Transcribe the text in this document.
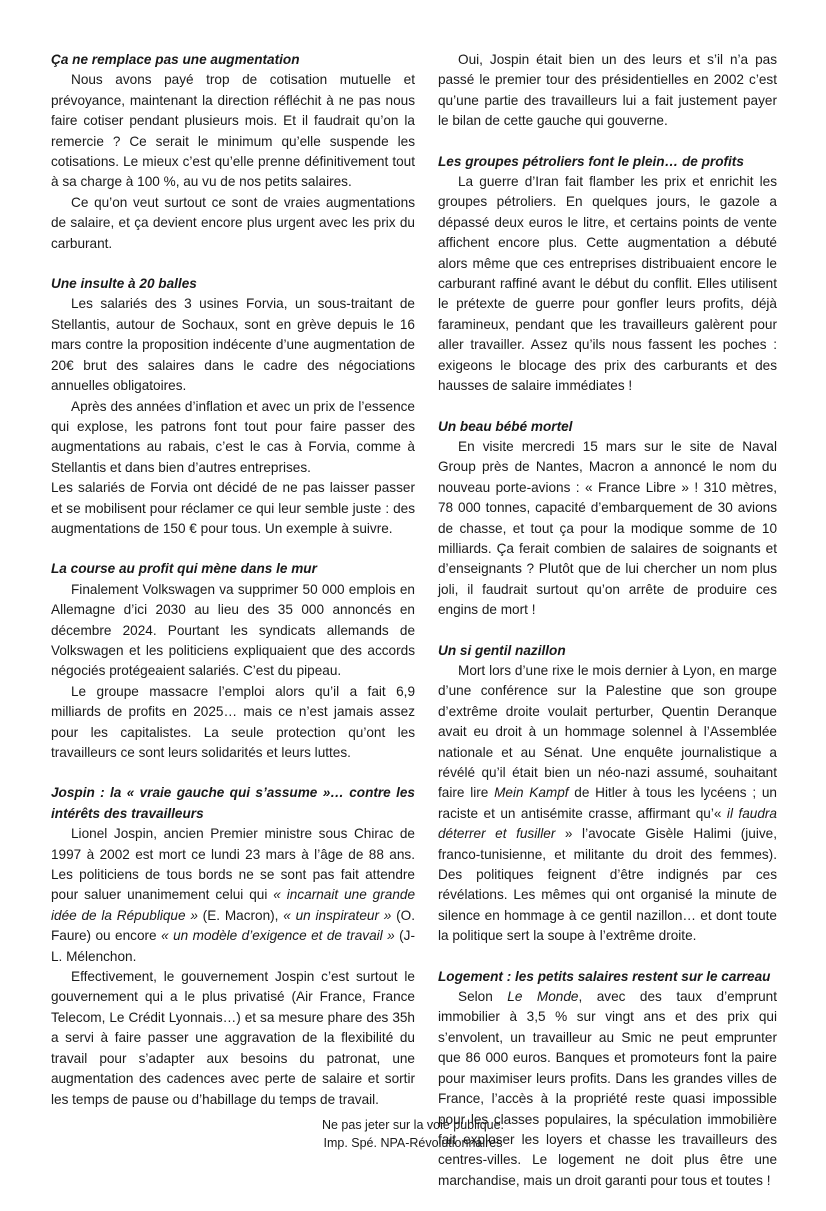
Ça ne remplace pas une augmentation

Nous avons payé trop de cotisation mutuelle et prévoyance, maintenant la direction réfléchit à ne pas nous faire cotiser pendant plusieurs mois. Et il faudrait qu’on la remercie ? Ce serait le minimum qu’elle suspende les cotisations. Le mieux c’est qu’elle prenne définitivement tout à sa charge à 100 %, au vu de nos petits salaires.

Ce qu’on veut surtout ce sont de vraies augmentations de salaire, et ça devient encore plus urgent avec les prix du carburant.

Une insulte à 20 balles

Les salariés des 3 usines Forvia, un sous-traitant de Stellantis, autour de Sochaux, sont en grève depuis le 16 mars contre la proposition indécente d’une augmentation de 20€ brut des salaires dans le cadre des négociations annuelles obligatoires.

Après des années d’inflation et avec un prix de l’essence qui explose, les patrons font tout pour faire passer des augmentations au rabais, c’est le cas à Forvia, comme à Stellantis et dans bien d’autres entreprises.

Les salariés de Forvia ont décidé de ne pas laisser passer et se mobilisent pour réclamer ce qui leur semble juste : des augmentations de 150 € pour tous. Un exemple à suivre.

La course au profit qui mène dans le mur

Finalement Volkswagen va supprimer 50 000 emplois en Allemagne d’ici 2030 au lieu des 35 000 annoncés en décembre 2024. Pourtant les syndicats allemands de Volkswagen et les politiciens expliquaient que des accords négociés protégeaient salariés. C’est du pipeau.

Le groupe massacre l’emploi alors qu’il a fait 6,9 milliards de profits en 2025… mais ce n’est jamais assez pour les capitalistes. La seule protection qu’ont les travailleurs ce sont leurs solidarités et leurs luttes.

Jospin : la « vraie gauche qui s’assume »… contre les intérêts des travailleurs

Lionel Jospin, ancien Premier ministre sous Chirac de 1997 à 2002 est mort ce lundi 23 mars à l’âge de 88 ans. Les politiciens de tous bords ne se sont pas fait attendre pour saluer unanimement celui qui « incarnait une grande idée de la République » (E. Macron), « un inspirateur » (O. Faure) ou encore « un modèle d’exigence et de travail » (J-L. Mélenchon.

Effectivement, le gouvernement Jospin c’est surtout le gouvernement qui a le plus privatisé (Air France, France Telecom, Le Crédit Lyonnais…) et sa mesure phare des 35h a servi à faire passer une aggravation de la flexibilité du travail pour s’adapter aux besoins du patronat, une augmentation des cadences avec perte de salaire et sortir les temps de pause ou d’habillage du temps de travail.

Oui, Jospin était bien un des leurs et s’il n’a pas passé le premier tour des présidentielles en 2002 c’est qu’une partie des travailleurs lui a fait justement payer le bilan de cette gauche qui gouverne.

Les groupes pétroliers font le plein… de profits

La guerre d’Iran fait flamber les prix et enrichit les groupes pétroliers. En quelques jours, le gazole a dépassé deux euros le litre, et certains points de vente affichent encore plus. Cette augmentation a débuté alors même que ces entreprises distribuaient encore le carburant raffiné avant le début du conflit. Elles utilisent le prétexte de guerre pour gonfler leurs profits, déjà faramineux, pendant que les travailleurs galèrent pour aller travailler. Assez qu’ils nous fassent les poches : exigeons le blocage des prix des carburants et des hausses de salaire immédiates !

Un beau bébé mortel

En visite mercredi 15 mars sur le site de Naval Group près de Nantes, Macron a annoncé le nom du nouveau porte-avions : « France Libre » ! 310 mètres, 78 000 tonnes, capacité d’embarquement de 30 avions de chasse, et tout ça pour la modique somme de 10 milliards. Ça ferait combien de salaires de soignants et d’enseignants ? Plutôt que de lui chercher un nom plus joli, il faudrait surtout qu’on arrête de produire ces engins de mort !

Un si gentil nazillon

Mort lors d’une rixe le mois dernier à Lyon, en marge d’une conférence sur la Palestine que son groupe d’extrême droite voulait perturber, Quentin Deranque avait eu droit à un hommage solennel à l’Assemblée nationale et au Sénat. Une enquête journalistique a révélé qu’il était bien un néo-nazi assumé, souhaitant faire lire Mein Kampf de Hitler à tous les lycéens ; un raciste et un antisémite crasse, affirmant qu’« il faudra déterrer et fusiller » l’avocate Gisèle Halimi (juive, franco-tunisienne, et militante du droit des femmes). Des politiques feignent d’être indignés par ces révélations. Les mêmes qui ont organisé la minute de silence en hommage à ce gentil nazillon… et dont toute la politique sert la soupe à l’extrême droite.

Logement : les petits salaires restent sur le carreau

Selon Le Monde, avec des taux d’emprunt immobilier à 3,5 % sur vingt ans et des prix qui s’envolent, un travailleur au Smic ne peut emprunter que 86 000 euros. Banques et promoteurs font la paire pour maximiser leurs profits. Dans les grandes villes de France, l’accès à la propriété reste quasi impossible pour les classes populaires, la spéculation immobilière fait exploser les loyers et chasse les travailleurs des centres-villes. Le logement ne doit plus être une marchandise, mais un droit garanti pour tous et toutes !

Ne pas jeter sur la voie publique.
Imp. Spé. NPA-Révolutionnaires
